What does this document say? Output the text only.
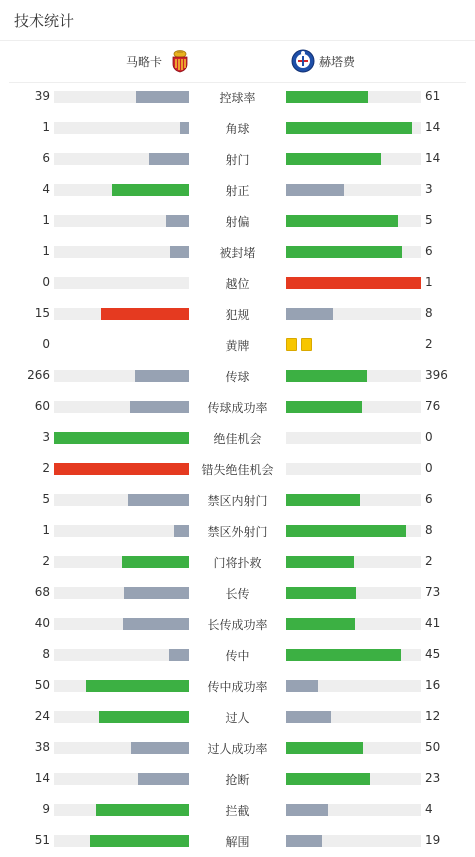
技术统计
马略卡	赫塔费
39	控球率	61
1	角球	14
6	射门	14
4	射正	3
1	射偏	5
1	被封堵	6
0	越位	1
15	犯规	8
0	黄牌	2
266	传球	396
60	传球成功率	76
3	绝佳机会	0
2	错失绝佳机会	0
5	禁区内射门	6
1	禁区外射门	8
2	门将扑救	2
68	长传	73
40	长传成功率	41
8	传中	45
50	传中成功率	16
24	过人	12
38	过人成功率	50
14	抢断	23
9	拦截	4
51	解围	19
